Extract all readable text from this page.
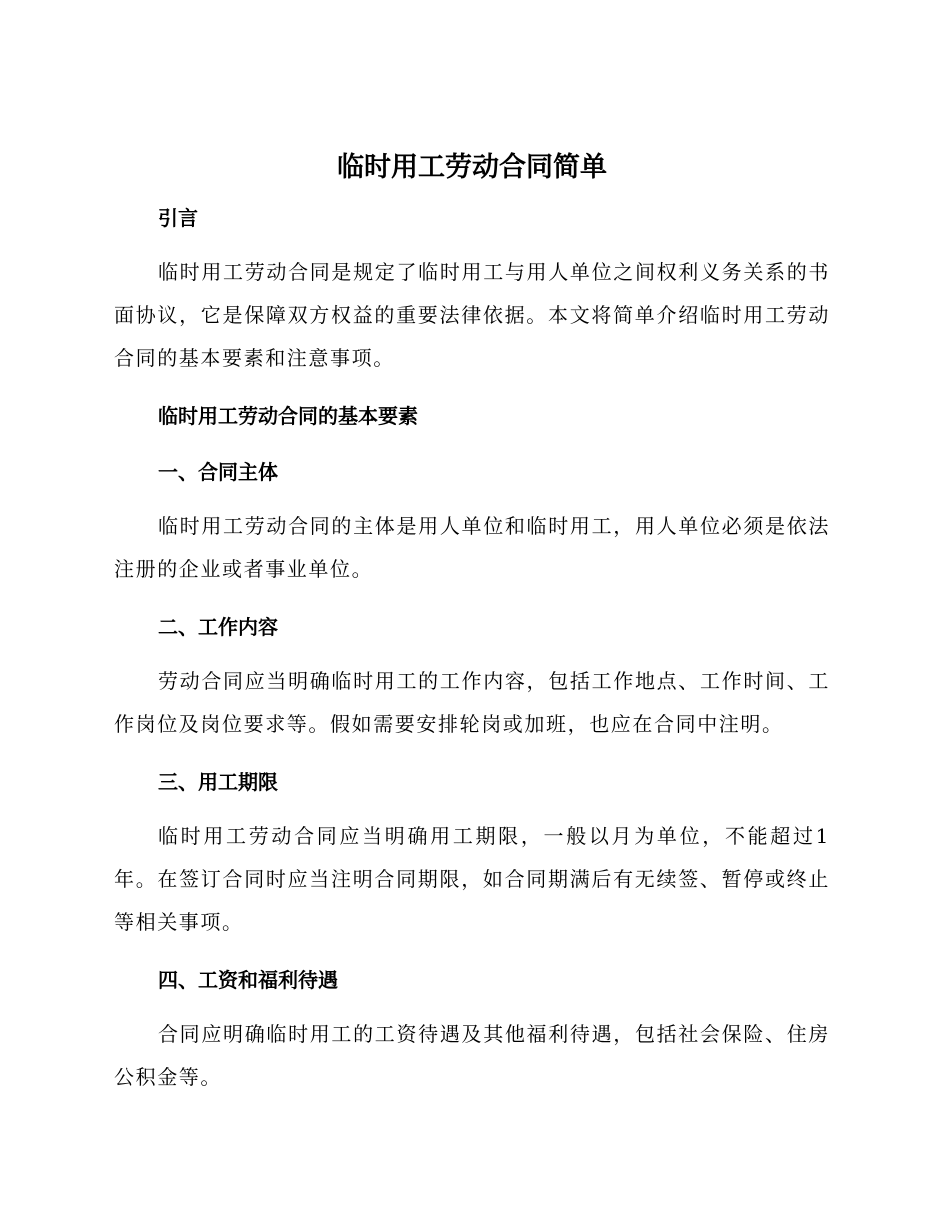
临时用工劳动合同简单
引言

临时用工劳动合同是规定了临时用工与用人单位之间权利义务关系的书面协议，它是保障双方权益的重要法律依据。本文将简单介绍临时用工劳动合同的基本要素和注意事项。

临时用工劳动合同的基本要素
一、合同主体

临时用工劳动合同的主体是用人单位和临时用工，用人单位必须是依法注册的企业或者事业单位。

二、工作内容

劳动合同应当明确临时用工的工作内容，包括工作地点、工作时间、工作岗位及岗位要求等。假如需要安排轮岗或加班，也应在合同中注明。

三、用工期限

临时用工劳动合同应当明确用工期限，一般以月为单位，不能超过1年。在签订合同时应当注明合同期限，如合同期满后有无续签、暂停或终止等相关事项。

四、工资和福利待遇

合同应明确临时用工的工资待遇及其他福利待遇，包括社会保险、住房公积金等。
